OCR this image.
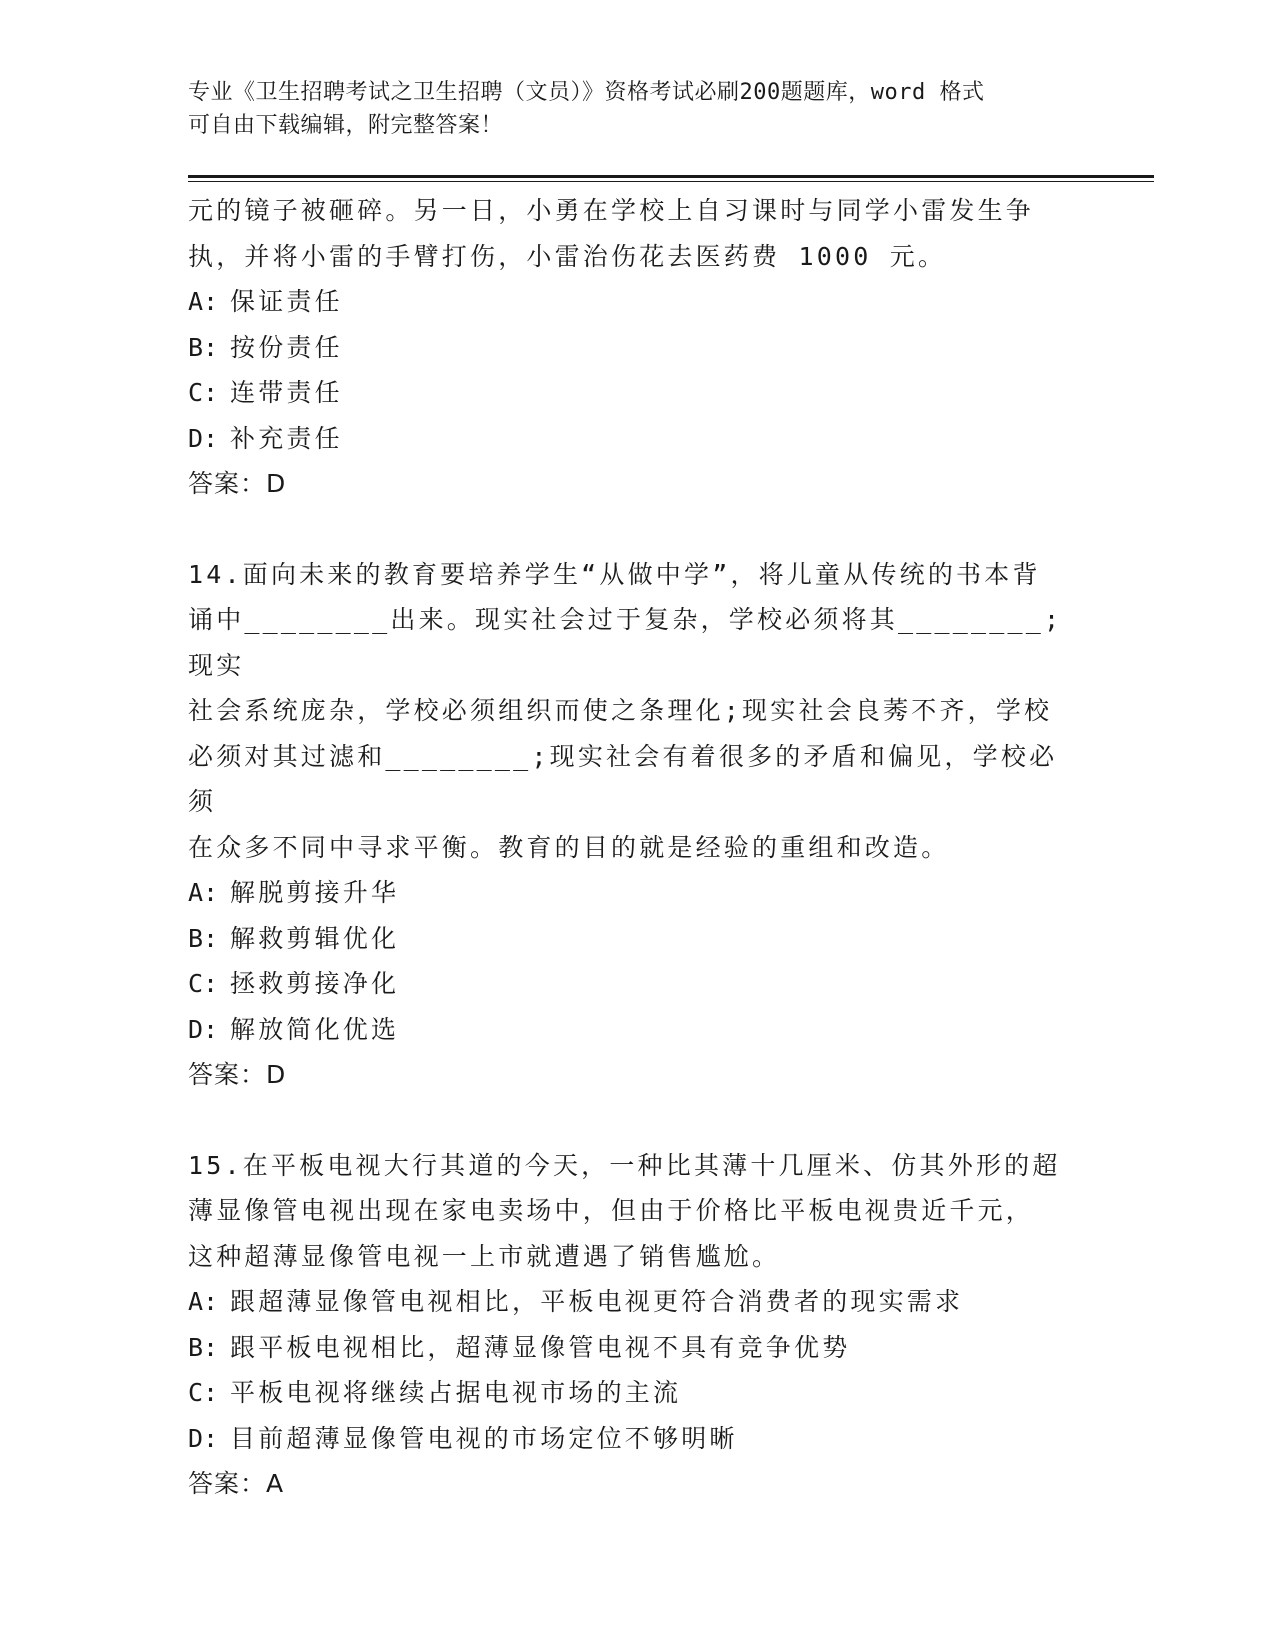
专业《卫生招聘考试之卫生招聘（文员）》资格考试必刷200题题库，word 格式
可自由下载编辑，附完整答案！

元的镜子被砸碎。另一日，小勇在学校上自习课时与同学小雷发生争

执，并将小雷的手臂打伤，小雷治伤花去医药费 1000 元。

A: 保证责任

B: 按份责任

C: 连带责任

D: 补充责任

答案：D

14.面向未来的教育要培养学生“从做中学”，将儿童从传统的书本背

诵中________出来。现实社会过于复杂，学校必须将其________;现实

社会系统庞杂，学校必须组织而使之条理化;现实社会良莠不齐，学校

必须对其过滤和________;现实社会有着很多的矛盾和偏见，学校必须

在众多不同中寻求平衡。教育的目的就是经验的重组和改造。

A: 解脱剪接升华

B: 解救剪辑优化

C: 拯救剪接净化

D: 解放简化优选

答案：D

15.在平板电视大行其道的今天，一种比其薄十几厘米、仿其外形的超

薄显像管电视出现在家电卖场中，但由于价格比平板电视贵近千元，

这种超薄显像管电视一上市就遭遇了销售尴尬。

A: 跟超薄显像管电视相比，平板电视更符合消费者的现实需求

B: 跟平板电视相比，超薄显像管电视不具有竞争优势

C: 平板电视将继续占据电视市场的主流

D: 目前超薄显像管电视的市场定位不够明晰

答案：A
